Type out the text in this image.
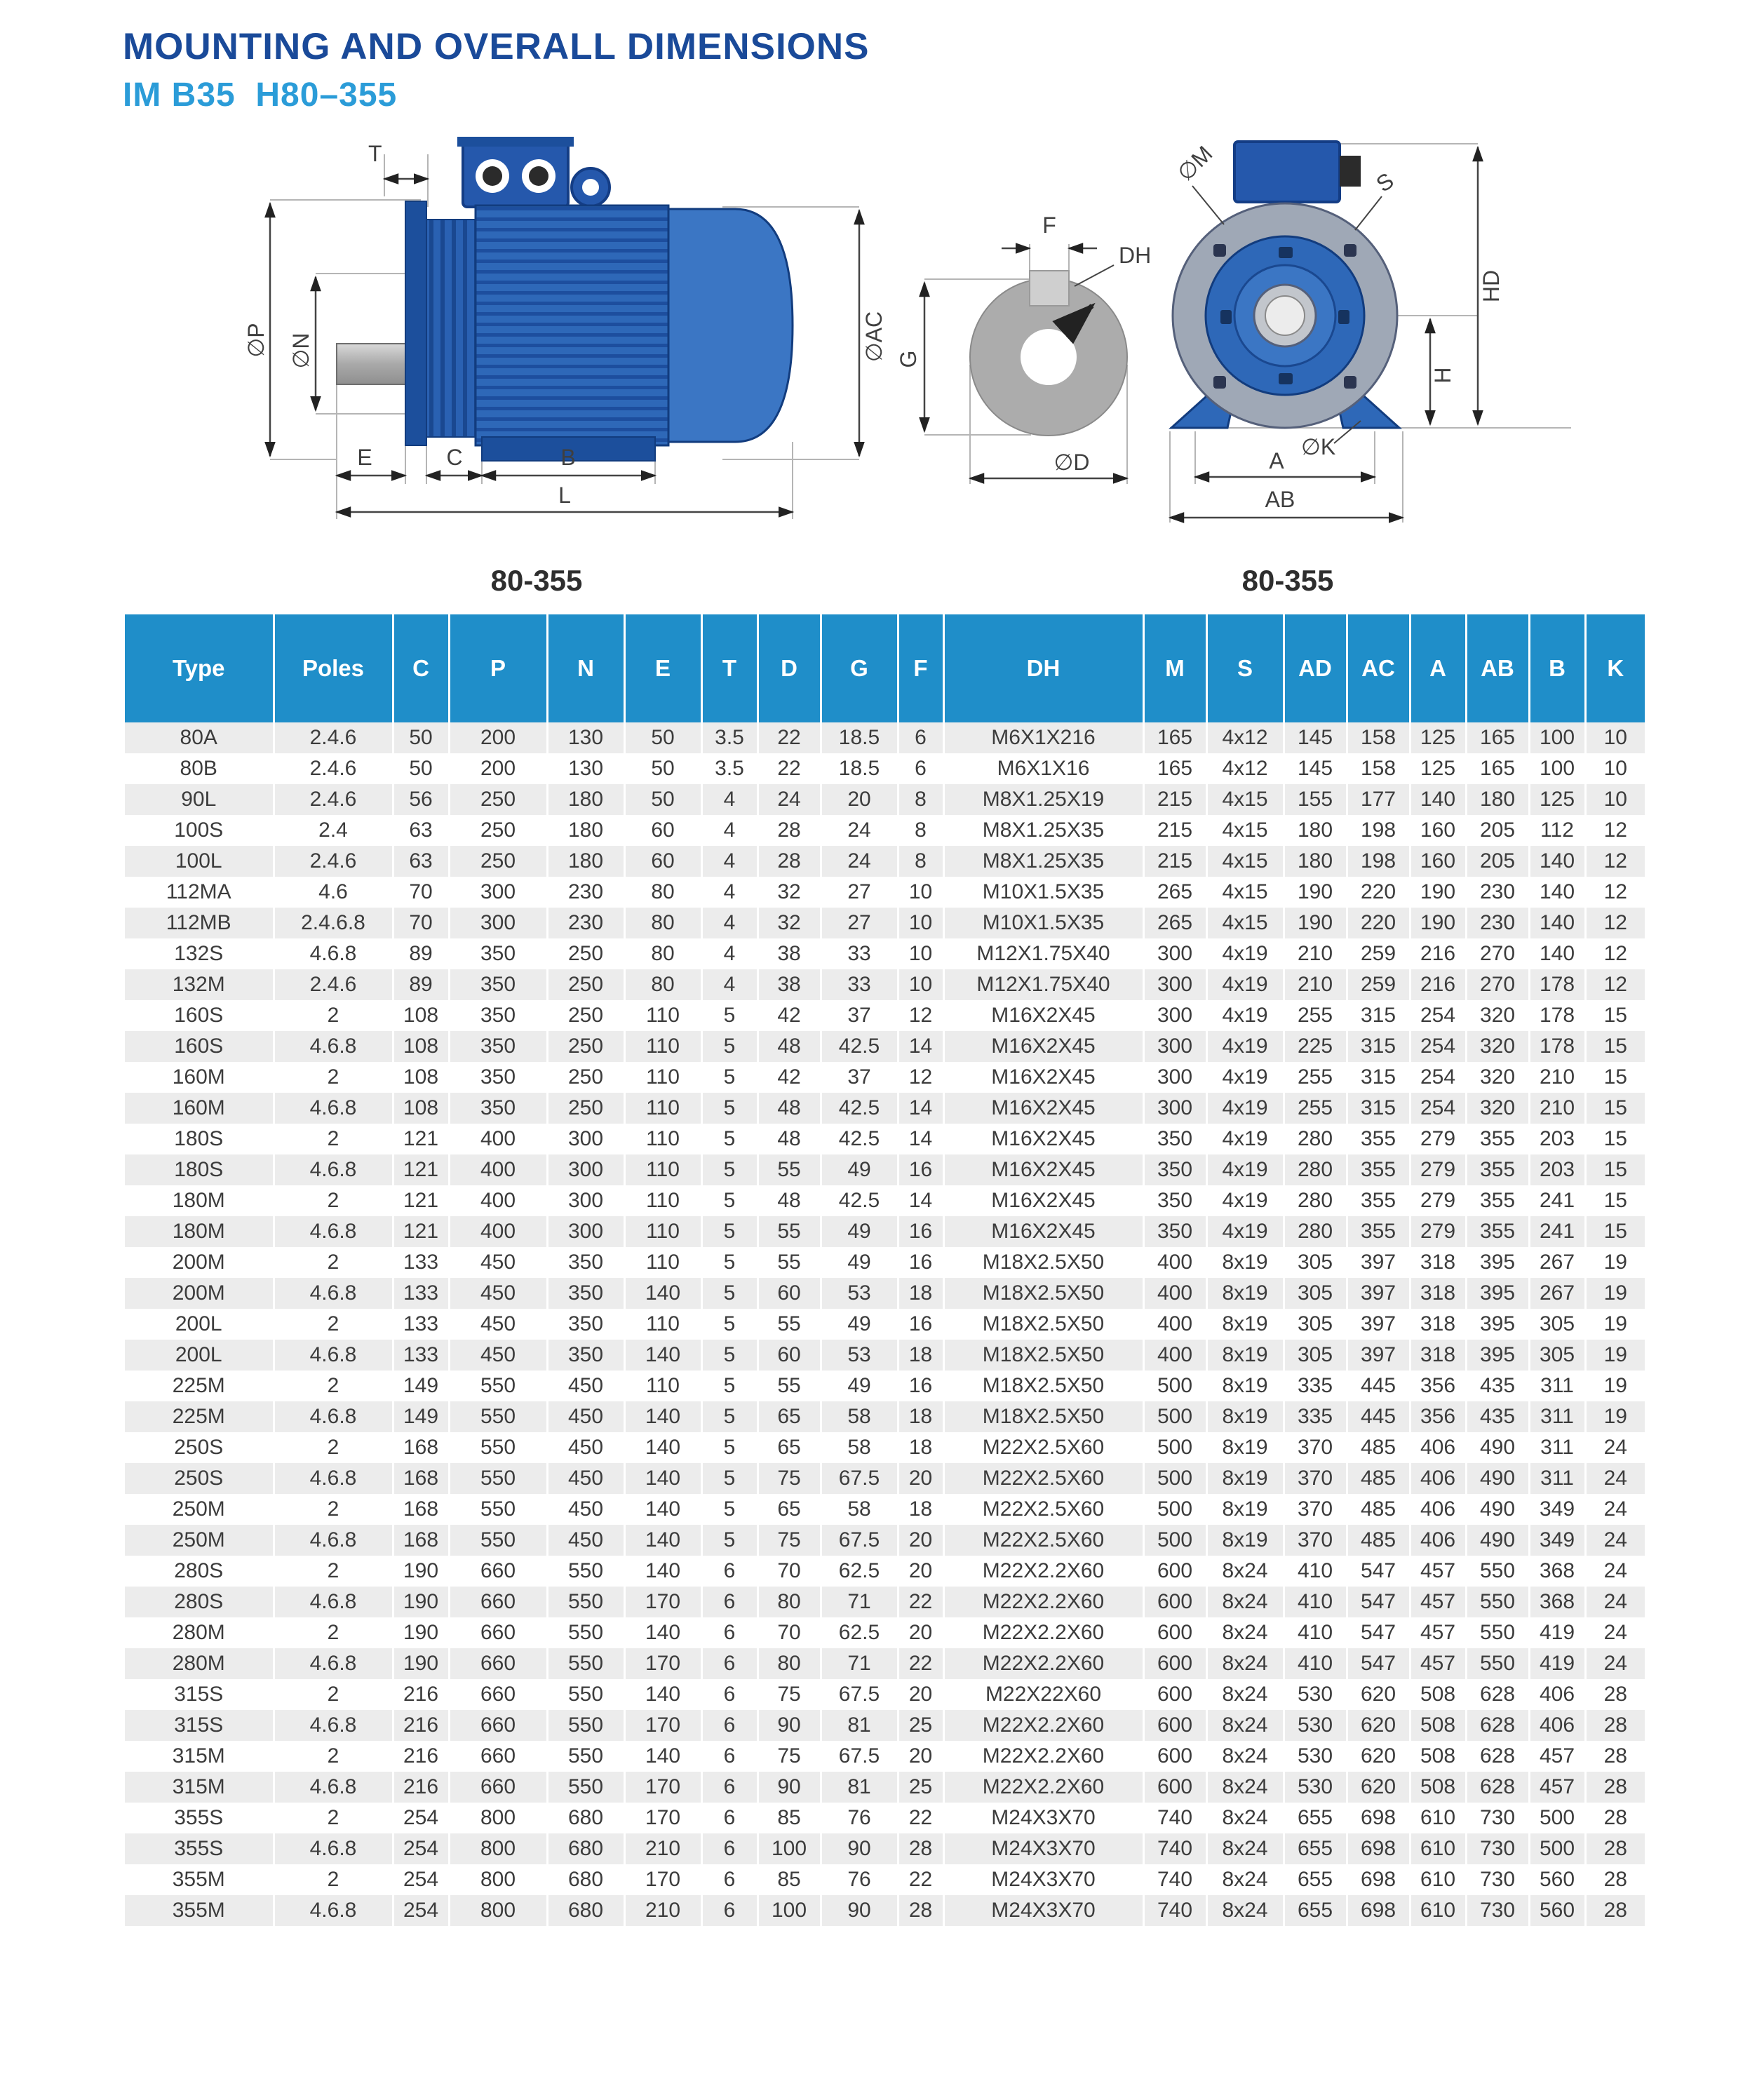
MOUNTING AND OVERALL DIMENSIONS
IM B35  H80–355
T
∅P ∅N	∅AC
E	C	B
L
F
DH
G
∅D
∅M	S
HD
H
∅K
A
AB
80-355	80-355
Type	Poles	C	P	N	E	T	D	G	F	DH	M	S	AD	AC	A	AB	B	K
80A	2.4.6	50	200	130	50	3.5	22	18.5	6	M6X1X216	165	4x12	145	158	125	165	100	10
80B	2.4.6	50	200	130	50	3.5	22	18.5	6	M6X1X16	165	4x12	145	158	125	165	100	10
90L	2.4.6	56	250	180	50	4	24	20	8	M8X1.25X19	215	4x15	155	177	140	180	125	10
100S	2.4	63	250	180	60	4	28	24	8	M8X1.25X35	215	4x15	180	198	160	205	112	12
100L	2.4.6	63	250	180	60	4	28	24	8	M8X1.25X35	215	4x15	180	198	160	205	140	12
112MA	4.6	70	300	230	80	4	32	27	10	M10X1.5X35	265	4x15	190	220	190	230	140	12
112MB	2.4.6.8	70	300	230	80	4	32	27	10	M10X1.5X35	265	4x15	190	220	190	230	140	12
132S	4.6.8	89	350	250	80	4	38	33	10	M12X1.75X40	300	4x19	210	259	216	270	140	12
132M	2.4.6	89	350	250	80	4	38	33	10	M12X1.75X40	300	4x19	210	259	216	270	178	12
160S	2	108	350	250	110	5	42	37	12	M16X2X45	300	4x19	255	315	254	320	178	15
160S	4.6.8	108	350	250	110	5	48	42.5	14	M16X2X45	300	4x19	225	315	254	320	178	15
160M	2	108	350	250	110	5	42	37	12	M16X2X45	300	4x19	255	315	254	320	210	15
160M	4.6.8	108	350	250	110	5	48	42.5	14	M16X2X45	300	4x19	255	315	254	320	210	15
180S	2	121	400	300	110	5	48	42.5	14	M16X2X45	350	4x19	280	355	279	355	203	15
180S	4.6.8	121	400	300	110	5	55	49	16	M16X2X45	350	4x19	280	355	279	355	203	15
180M	2	121	400	300	110	5	48	42.5	14	M16X2X45	350	4x19	280	355	279	355	241	15
180M	4.6.8	121	400	300	110	5	55	49	16	M16X2X45	350	4x19	280	355	279	355	241	15
200M	2	133	450	350	110	5	55	49	16	M18X2.5X50	400	8x19	305	397	318	395	267	19
200M	4.6.8	133	450	350	140	5	60	53	18	M18X2.5X50	400	8x19	305	397	318	395	267	19
200L	2	133	450	350	110	5	55	49	16	M18X2.5X50	400	8x19	305	397	318	395	305	19
200L	4.6.8	133	450	350	140	5	60	53	18	M18X2.5X50	400	8x19	305	397	318	395	305	19
225M	2	149	550	450	110	5	55	49	16	M18X2.5X50	500	8x19	335	445	356	435	311	19
225M	4.6.8	149	550	450	140	5	65	58	18	M18X2.5X50	500	8x19	335	445	356	435	311	19
250S	2	168	550	450	140	5	65	58	18	M22X2.5X60	500	8x19	370	485	406	490	311	24
250S	4.6.8	168	550	450	140	5	75	67.5	20	M22X2.5X60	500	8x19	370	485	406	490	311	24
250M	2	168	550	450	140	5	65	58	18	M22X2.5X60	500	8x19	370	485	406	490	349	24
250M	4.6.8	168	550	450	140	5	75	67.5	20	M22X2.5X60	500	8x19	370	485	406	490	349	24
280S	2	190	660	550	140	6	70	62.5	20	M22X2.2X60	600	8x24	410	547	457	550	368	24
280S	4.6.8	190	660	550	170	6	80	71	22	M22X2.2X60	600	8x24	410	547	457	550	368	24
280M	2	190	660	550	140	6	70	62.5	20	M22X2.2X60	600	8x24	410	547	457	550	419	24
280M	4.6.8	190	660	550	170	6	80	71	22	M22X2.2X60	600	8x24	410	547	457	550	419	24
315S	2	216	660	550	140	6	75	67.5	20	M22X22X60	600	8x24	530	620	508	628	406	28
315S	4.6.8	216	660	550	170	6	90	81	25	M22X2.2X60	600	8x24	530	620	508	628	406	28
315M	2	216	660	550	140	6	75	67.5	20	M22X2.2X60	600	8x24	530	620	508	628	457	28
315M	4.6.8	216	660	550	170	6	90	81	25	M22X2.2X60	600	8x24	530	620	508	628	457	28
355S	2	254	800	680	170	6	85	76	22	M24X3X70	740	8x24	655	698	610	730	500	28
355S	4.6.8	254	800	680	210	6	100	90	28	M24X3X70	740	8x24	655	698	610	730	500	28
355M	2	254	800	680	170	6	85	76	22	M24X3X70	740	8x24	655	698	610	730	560	28
355M	4.6.8	254	800	680	210	6	100	90	28	M24X3X70	740	8x24	655	698	610	730	560	28
